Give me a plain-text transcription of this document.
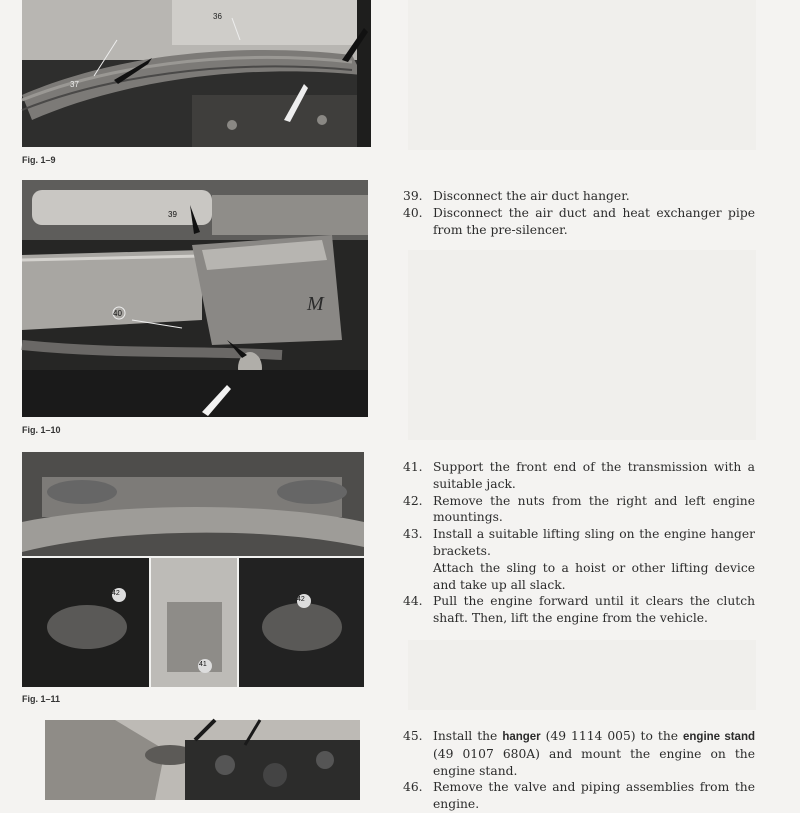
36
37
Fig. 1–9
M
39
40
Fig. 1–10
42
42
41
Fig. 1–11
39. Disconnect the air duct hanger.
40. Disconnect the air duct and heat exchanger pipe from the pre-silencer.
41. Support the front end of the transmission with a suitable jack.
42. Remove the nuts from the right and left engine mountings.
43. Install a suitable lifting sling on the engine hanger brackets.
Attach the sling to a hoist or other lifting device and take up all slack.
44. Pull the engine forward until it clears the clutch shaft. Then, lift the engine from the vehicle.
45. Install the hanger (49 1114 005) to the engine stand (49 0107 680A) and mount the engine on the engine stand.
46. Remove the valve and piping assemblies from the engine.
